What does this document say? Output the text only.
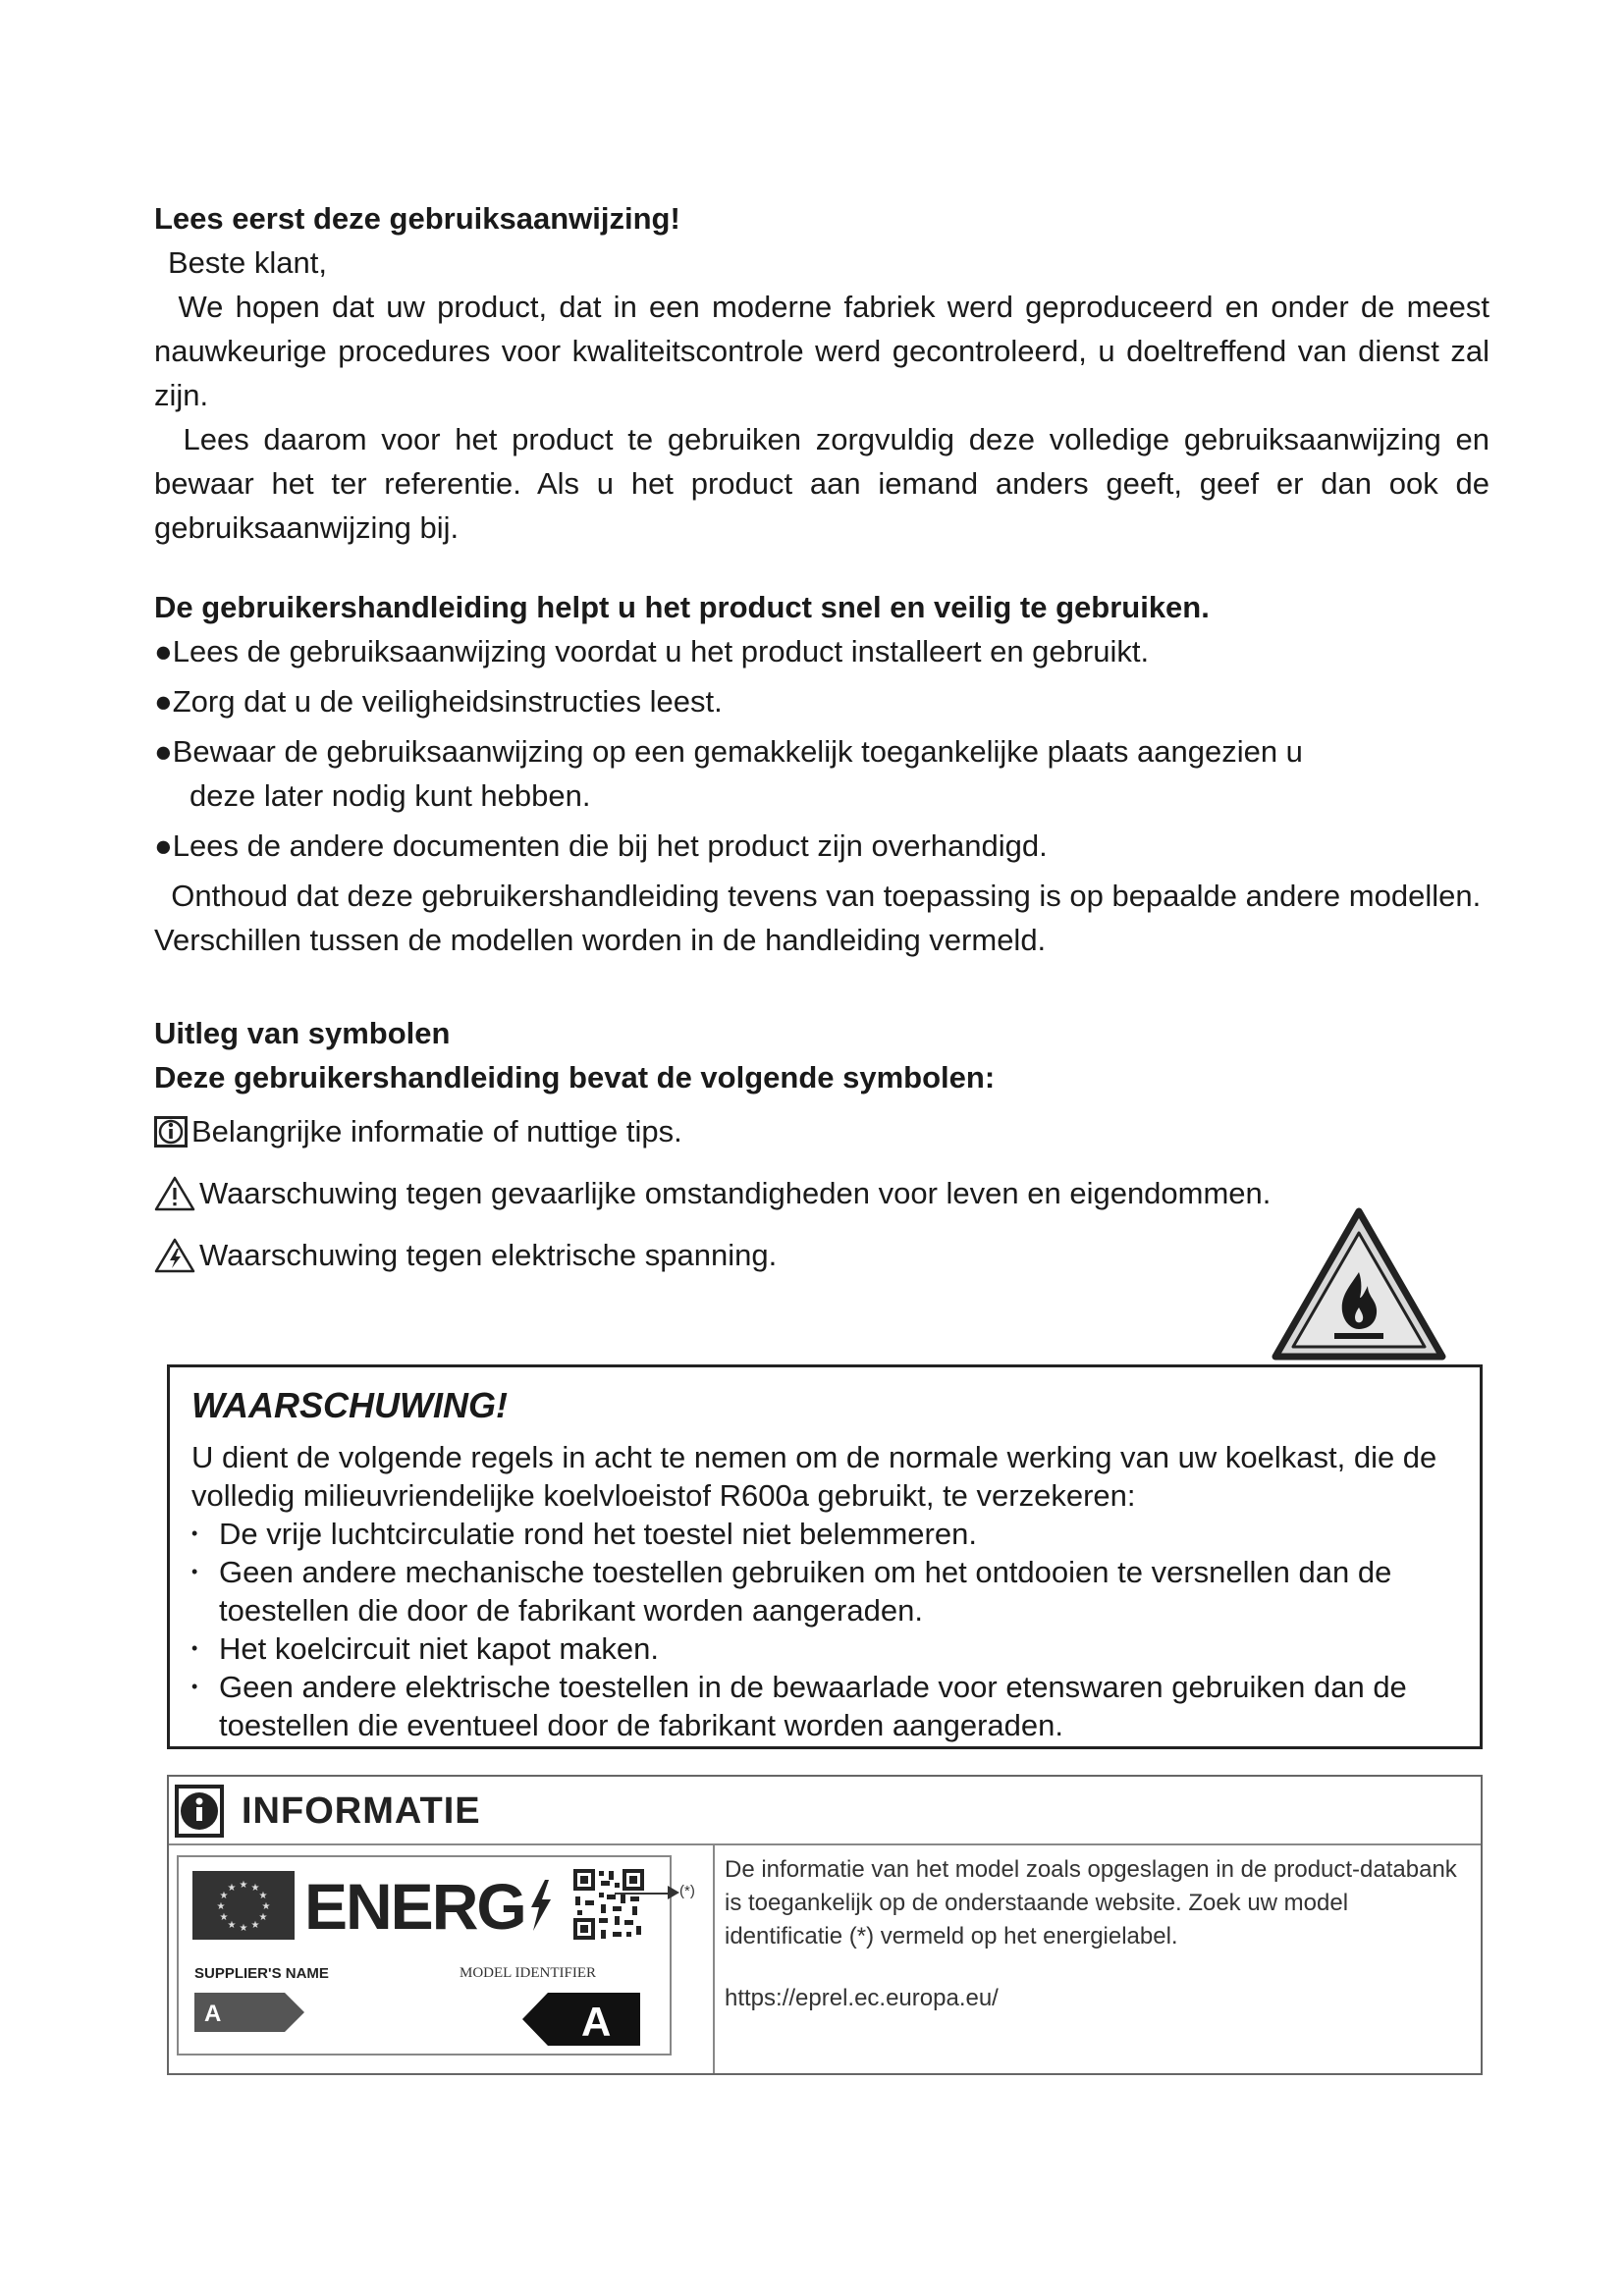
Lees eerst deze gebruiksaanwijzing!

Beste klant,

We hopen dat uw product, dat in een moderne fabriek werd geproduceerd en onder de meest nauwkeurige procedures voor kwaliteitscontrole werd gecontroleerd, u doeltreffend van dienst zal zijn.

Lees daarom voor het product te gebruiken zorgvuldig deze volledige gebruiksaanwijzing en bewaar het ter referentie. Als u het product aan iemand anders geeft, geef er dan ook de gebruiksaanwijzing bij.

De gebruikershandleiding helpt u het product snel en veilig te gebruiken.

●Lees de gebruiksaanwijzing voordat u het product installeert en gebruikt.

●Zorg dat u de veiligheidsinstructies leest.

●Bewaar de gebruiksaanwijzing op een gemakkelijk toegankelijke plaats aangezien u

deze later nodig kunt hebben.

●Lees de andere documenten die bij het product zijn overhandigd.

Onthoud dat deze gebruikershandleiding tevens van toepassing is op bepaalde andere modellen. Verschillen tussen de modellen worden in de handleiding vermeld.

Uitleg van symbolen

Deze gebruikershandleiding bevat de volgende symbolen:

Belangrijke informatie of nuttige tips.
Waarschuwing tegen gevaarlijke omstandigheden voor leven en eigendommen.
Waarschuwing tegen elektrische spanning.

WAARSCHUWING!

U dient de volgende regels in acht te nemen om de normale werking van uw koelkast, die de volledig milieuvriendelijke koelvloeistof R600a gebruikt, te verzekeren:

• De vrije luchtcirculatie rond het toestel niet belemmeren.
• Geen andere mechanische toestellen gebruiken om het ontdooien te versnellen dan de toestellen die door de fabrikant worden aangeraden.
• Het koelcircuit niet kapot maken.
• Geen andere elektrische toestellen in de bewaarlade voor etenswaren gebruiken dan de toestellen die eventueel door de fabrikant worden aangeraden.
INFORMATIE
★ ★
★
★
★
★
★
★
★
★
★
★ ENERG
SUPPLIER'S NAME	MODEL IDENTIFIER
A	A
(*)
De informatie van het model zoals opgeslagen in de product-databank is toegankelijk op de onderstaande website. Zoek uw model identificatie (*) vermeld op het energielabel.
https://eprel.ec.europa.eu/
